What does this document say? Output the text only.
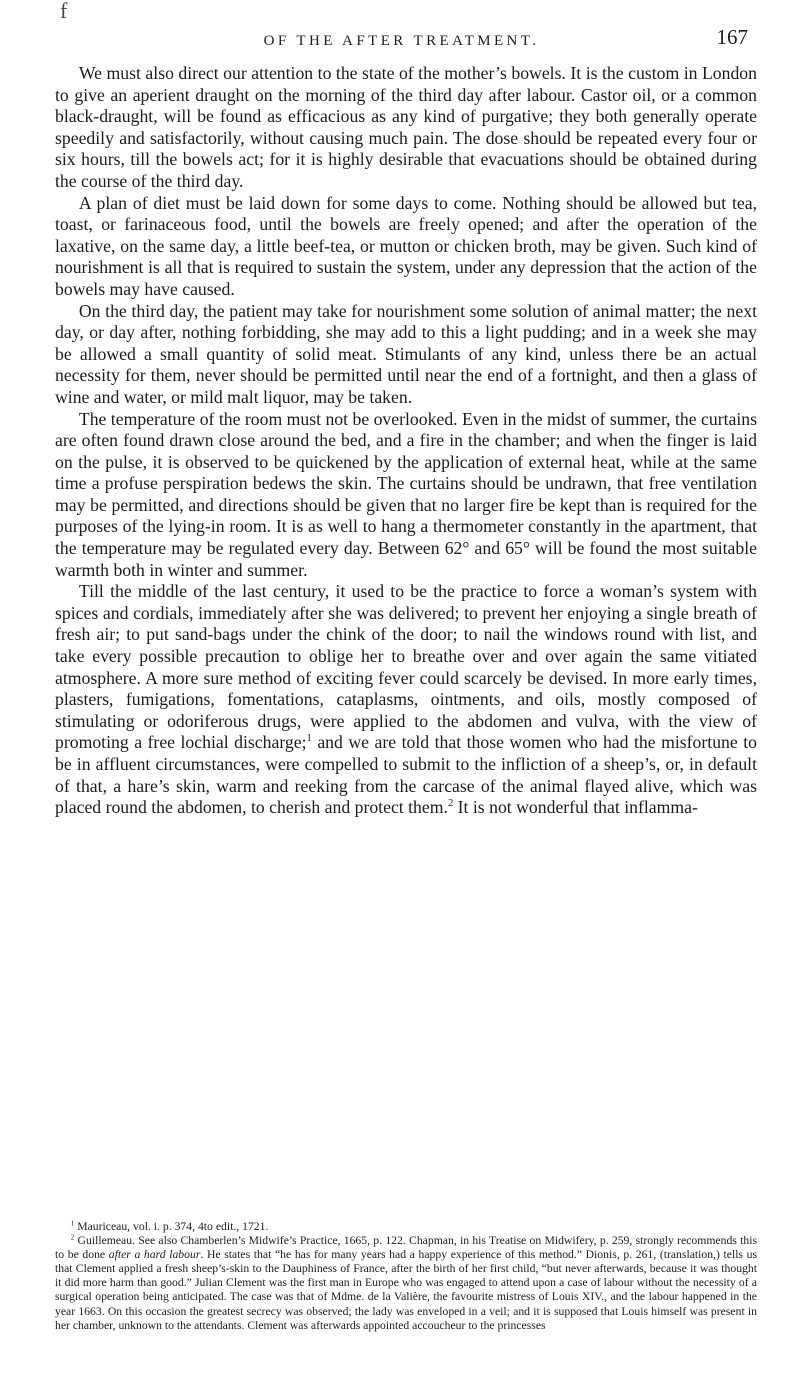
f
OF THE AFTER TREATMENT.	167

We must also direct our attention to the state of the mother’s bowels. It is the custom in London to give an aperient draught on the morning of the third day after labour. Castor oil, or a common black-draught, will be found as efficacious as any kind of purgative; they both generally operate speedily and satisfactorily, without causing much pain. The dose should be repeated every four or six hours, till the bowels act; for it is highly desirable that evacuations should be obtained during the course of the third day.

A plan of diet must be laid down for some days to come. Nothing should be allowed but tea, toast, or farinaceous food, until the bowels are freely opened; and after the operation of the laxative, on the same day, a little beef-tea, or mutton or chicken broth, may be given. Such kind of nourishment is all that is required to sustain the system, under any depression that the action of the bowels may have caused.

On the third day, the patient may take for nourishment some solution of animal matter; the next day, or day after, nothing forbidding, she may add to this a light pudding; and in a week she may be allowed a small quantity of solid meat. Stimulants of any kind, unless there be an actual necessity for them, never should be permitted until near the end of a fortnight, and then a glass of wine and water, or mild malt liquor, may be taken.

The temperature of the room must not be overlooked. Even in the midst of summer, the curtains are often found drawn close around the bed, and a fire in the chamber; and when the finger is laid on the pulse, it is observed to be quickened by the application of external heat, while at the same time a profuse perspiration bedews the skin. The curtains should be undrawn, that free ventilation may be permitted, and directions should be given that no larger fire be kept than is required for the purposes of the lying-in room. It is as well to hang a thermometer constantly in the apartment, that the temperature may be regulated every day. Between 62° and 65° will be found the most suitable warmth both in winter and summer.

Till the middle of the last century, it used to be the practice to force a woman’s system with spices and cordials, immediately after she was delivered; to prevent her enjoying a single breath of fresh air; to put sand-bags under the chink of the door; to nail the windows round with list, and take every possible precaution to oblige her to breathe over and over again the same vitiated atmosphere. A more sure method of exciting fever could scarcely be devised. In more early times, plasters, fumigations, fomentations, cataplasms, ointments, and oils, mostly composed of stimulating or odoriferous drugs, were applied to the abdomen and vulva, with the view of promoting a free lochial discharge;$^1$ and we are told that those women who had the misfortune to be in affluent circumstances, were compelled to submit to the infliction of a sheep’s, or, in default of that, a hare’s skin, warm and reeking from the carcase of the animal flayed alive, which was placed round the abdomen, to cherish and protect them.$^2$ It is not wonderful that inflamma-

$^1$ Mauriceau, vol. i. p. 374, 4to edit., 1721.

$^2$ Guillemeau. See also Chamberlen’s Midwife’s Practice, 1665, p. 122. Chapman, in his Treatise on Midwifery, p. 259, strongly recommends this to be done after a hard labour. He states that “he has for many years had a happy experience of this method.” Dionis, p. 261, (translation,) tells us that Clement applied a fresh sheep’s-skin to the Dauphiness of France, after the birth of her first child, “but never afterwards, because it was thought it did more harm than good.” Julian Clement was the first man in Europe who was engaged to attend upon a case of labour without the necessity of a surgical operation being anticipated. The case was that of Mdme. de la Valière, the favourite mistress of Louis XIV., and the labour happened in the year 1663. On this occasion the greatest secrecy was observed; the lady was enveloped in a veil; and it is supposed that Louis himself was present in her chamber, unknown to the attendants. Clement was afterwards appointed accoucheur to the princesses
